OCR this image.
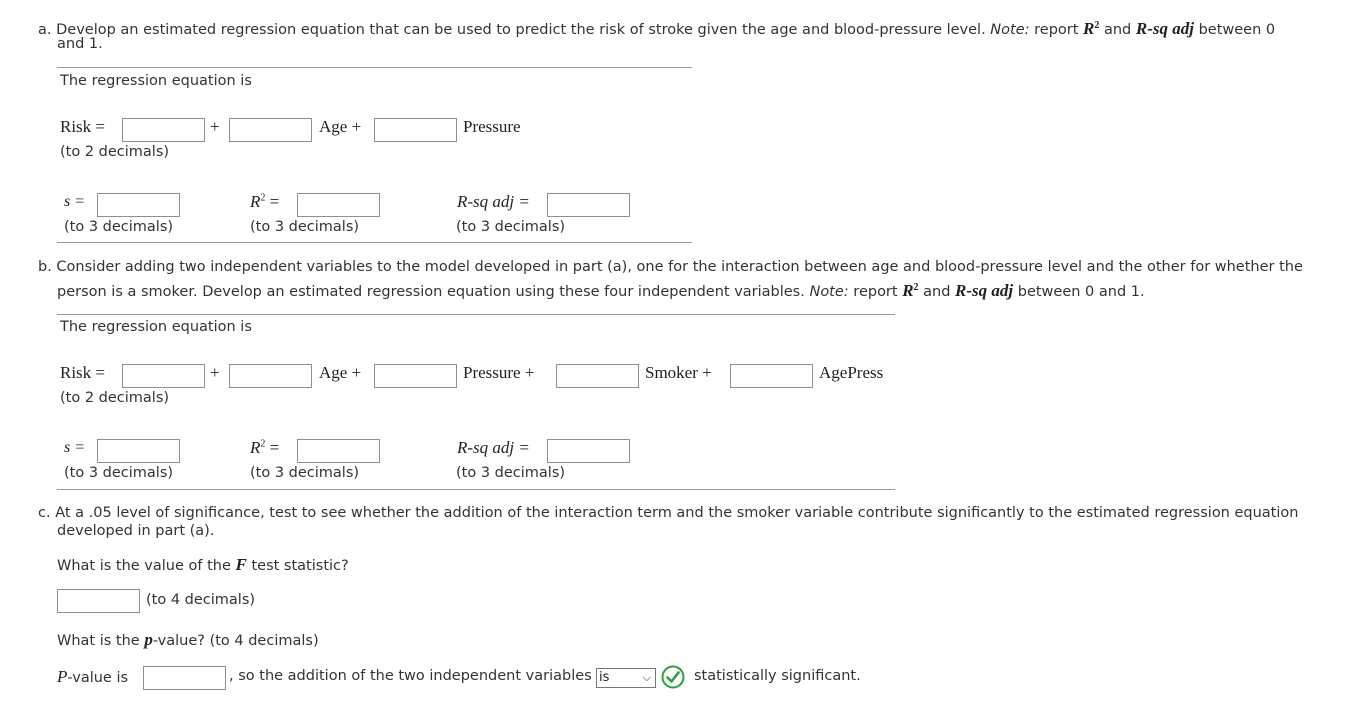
a. Develop an estimated regression equation that can be used to predict the risk of stroke given the age and blood-pressure level. Note: report $R^2$ and R-sq adj between 0
and 1.
The regression equation is
Risk =	+	Age +	Pressure
(to 2 decimals)
s =	$R^2$ =	R-sq adj =
(to 3 decimals)	(to 3 decimals)	(to 3 decimals)
b. Consider adding two independent variables to the model developed in part (a), one for the interaction between age and blood-pressure level and the other for whether the
person is a smoker. Develop an estimated regression equation using these four independent variables. Note: report $R^2$ and R-sq adj between 0 and 1.
The regression equation is
Risk =	+	Age +	Pressure +	Smoker +	AgePress
(to 2 decimals)
s =	$R^2$ =	R-sq adj =
(to 3 decimals)	(to 3 decimals)	(to 3 decimals)
c. At a .05 level of significance, test to see whether the addition of the interaction term and the smoker variable contribute significantly to the estimated regression equation
developed in part (a).
What is the value of the F test statistic?
(to 4 decimals)
What is the p-value? (to 4 decimals)
P-value is	, so the addition of the two independent variables is	⌵	statistically significant.
